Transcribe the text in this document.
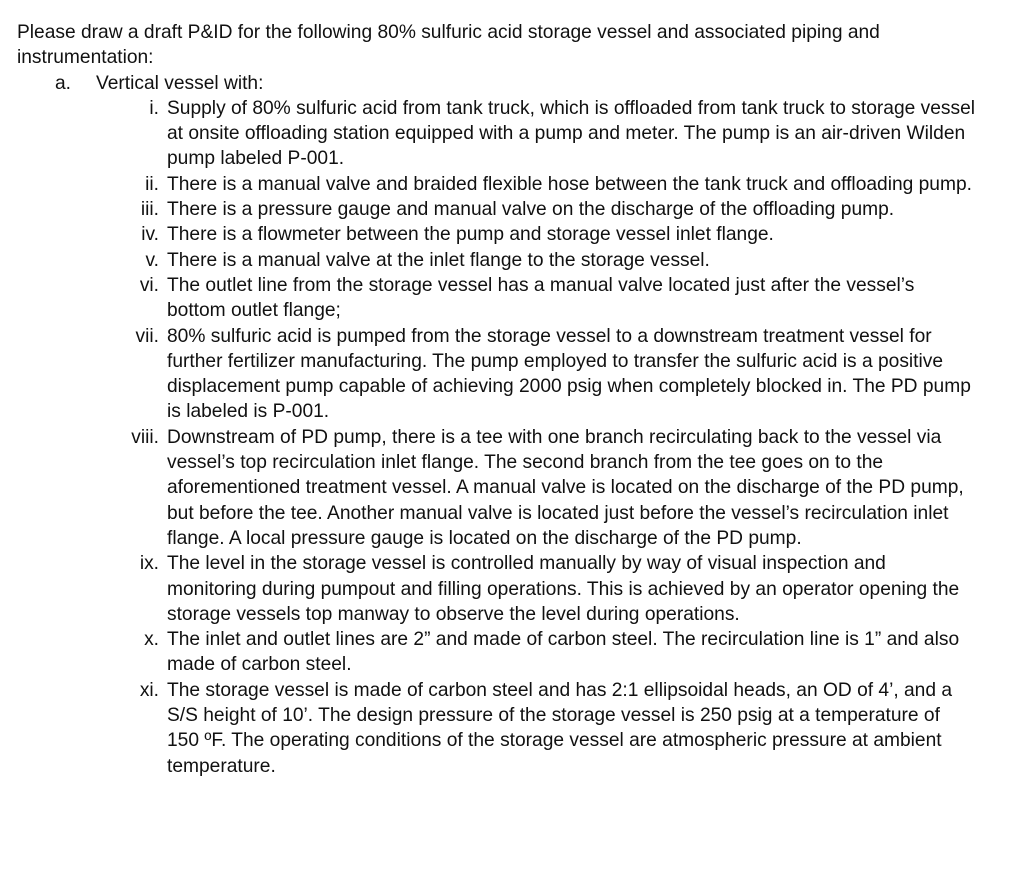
Please draw a draft P&ID for the following 80% sulfuric acid storage vessel and associated piping and instrumentation:

a. Vertical vessel with:
i. Supply of 80% sulfuric acid from tank truck, which is offloaded from tank truck to storage vessel at onsite offloading station equipped with a pump and meter. The pump is an air-driven Wilden pump labeled P-001.
ii. There is a manual valve and braided flexible hose between the tank truck and offloading pump.
iii. There is a pressure gauge and manual valve on the discharge of the offloading pump.
iv. There is a flowmeter between the pump and storage vessel inlet flange.
v. There is a manual valve at the inlet flange to the storage vessel.
vi. The outlet line from the storage vessel has a manual valve located just after the vessel’s bottom outlet flange;
vii. 80% sulfuric acid is pumped from the storage vessel to a downstream treatment vessel for further fertilizer manufacturing. The pump employed to transfer the sulfuric acid is a positive displacement pump capable of achieving 2000 psig when completely blocked in. The PD pump is labeled is P-001.
viii. Downstream of PD pump, there is a tee with one branch recirculating back to the vessel via vessel’s top recirculation inlet flange. The second branch from the tee goes on to the aforementioned treatment vessel. A manual valve is located on the discharge of the PD pump, but before the tee. Another manual valve is located just before the vessel’s recirculation inlet flange. A local pressure gauge is located on the discharge of the PD pump.
ix. The level in the storage vessel is controlled manually by way of visual inspection and monitoring during pumpout and filling operations. This is achieved by an operator opening the storage vessels top manway to observe the level during operations.
x. The inlet and outlet lines are 2” and made of carbon steel. The recirculation line is 1” and also made of carbon steel.
xi. The storage vessel is made of carbon steel and has 2:1 ellipsoidal heads, an OD of 4’, and a S/S height of 10’. The design pressure of the storage vessel is 250 psig at a temperature of 150 ºF. The operating conditions of the storage vessel are atmospheric pressure at ambient temperature.
